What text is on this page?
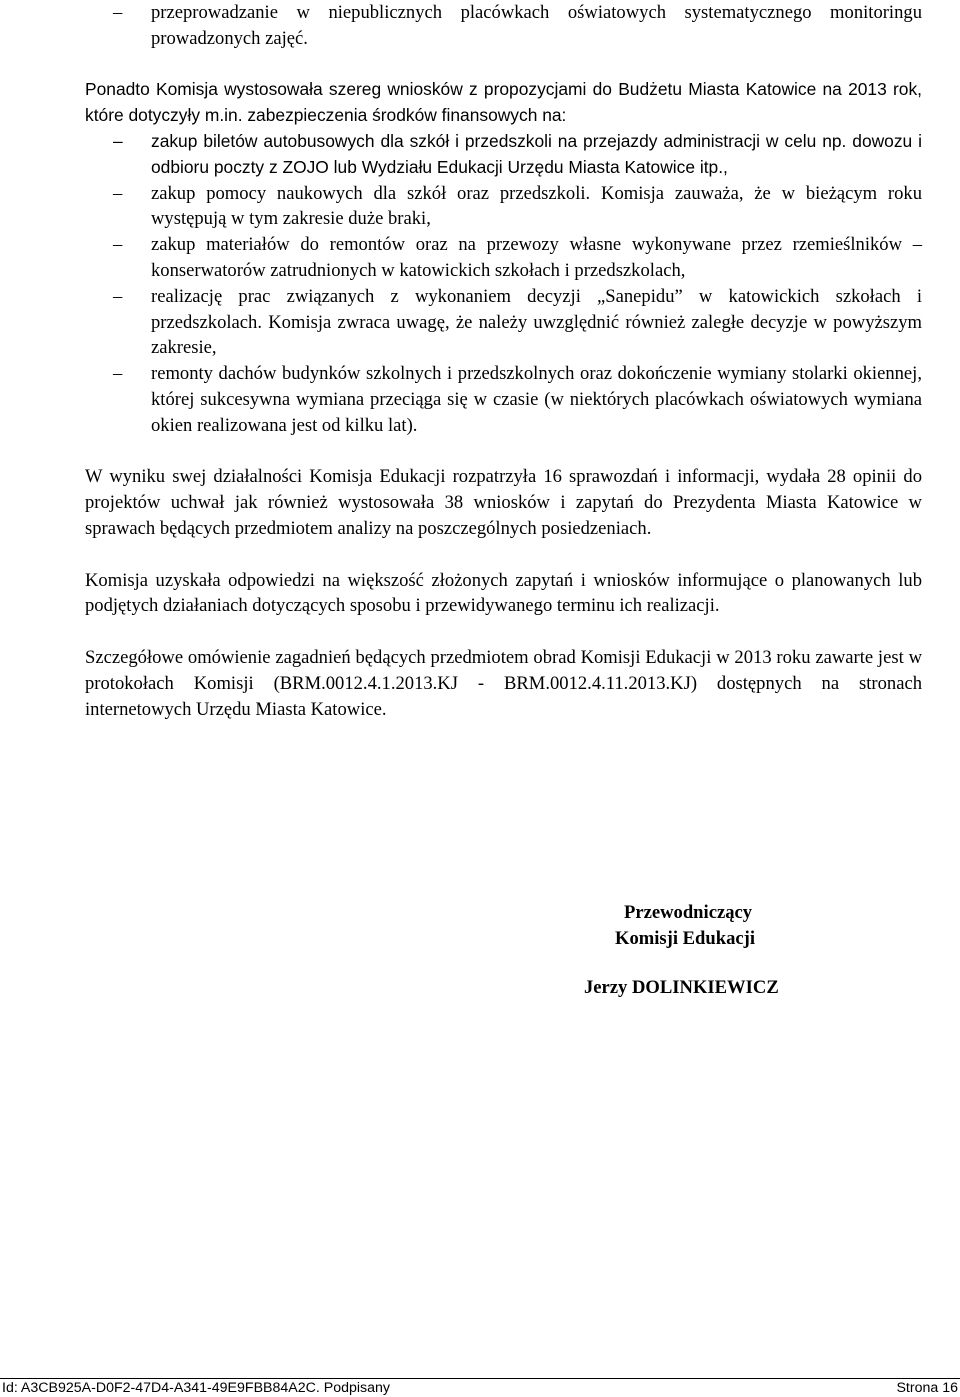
– przeprowadzanie w niepublicznych placówkach oświatowych systematycznego monitoringu prowadzonych zajęć.

Ponadto Komisja wystosowała szereg wniosków z propozycjami do Budżetu Miasta Katowice na 2013 rok, które dotyczyły m.in. zabezpieczenia środków finansowych na:

– zakup biletów autobusowych dla szkół i przedszkoli na przejazdy administracji w celu np. dowozu i odbioru poczty z ZOJO lub Wydziału Edukacji Urzędu Miasta Katowice itp.,
– zakup pomocy naukowych dla szkół oraz przedszkoli. Komisja zauważa, że w bieżącym roku występują w tym zakresie duże braki,
– zakup materiałów do remontów oraz na przewozy własne wykonywane przez rzemieślników – konserwatorów zatrudnionych w katowickich szkołach i przedszkolach,
– realizację prac związanych z wykonaniem decyzji „Sanepidu” w katowickich szkołach i przedszkolach. Komisja zwraca uwagę, że należy uwzględnić również zaległe decyzje w powyższym zakresie,
– remonty dachów budynków szkolnych i przedszkolnych oraz dokończenie wymiany stolarki okiennej, której sukcesywna wymiana przeciąga się w czasie (w niektórych placówkach oświatowych wymiana okien realizowana jest od kilku lat).

W wyniku swej działalności Komisja Edukacji rozpatrzyła 16 sprawozdań i informacji, wydała 28 opinii do projektów uchwał jak również wystosowała 38 wniosków i zapytań do Prezydenta Miasta Katowice w sprawach będących przedmiotem analizy na poszczególnych posiedzeniach.

Komisja uzyskała odpowiedzi na większość złożonych zapytań i wniosków informujące o planowanych lub podjętych działaniach dotyczących sposobu i przewidywanego terminu ich realizacji.

Szczegółowe omówienie zagadnień będących przedmiotem obrad Komisji Edukacji w 2013 roku zawarte jest w protokołach Komisji (BRM.0012.4.1.2013.KJ - BRM.0012.4.11.2013.KJ) dostępnych na stronach internetowych Urzędu Miasta Katowice.

Przewodniczący
Komisji Edukacji
Jerzy DOLINKIEWICZ
Id: A3CB925A-D0F2-47D4-A341-49E9FBB84A2C. Podpisany	Strona 16
